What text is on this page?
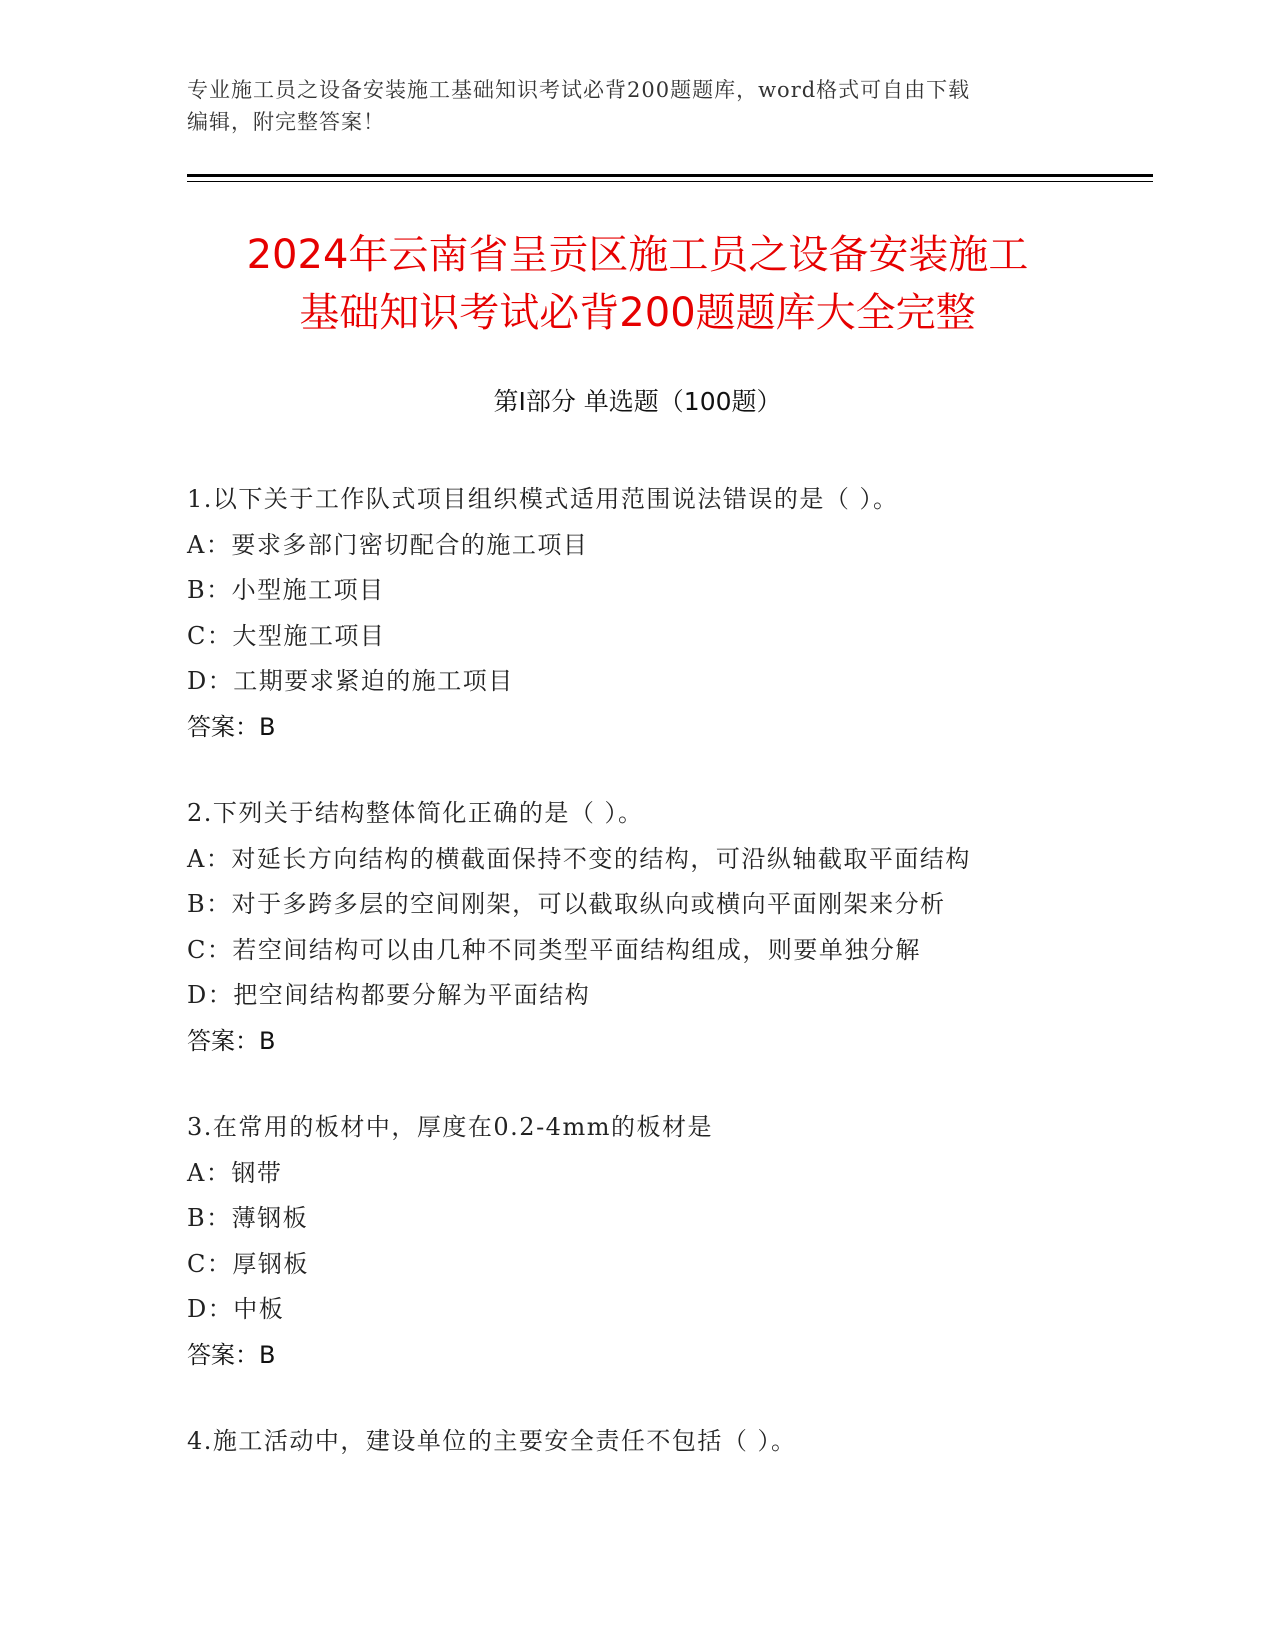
专业施工员之设备安装施工基础知识考试必背200题题库，word格式可自由下载
编辑，附完整答案！
2024年云南省呈贡区施工员之设备安装施工
基础知识考试必背200题题库大全完整
第Ⅰ部分 单选题（100题）
1.以下关于工作队式项目组织模式适用范围说法错误的是（ ）。
A：要求多部门密切配合的施工项目
B：小型施工项目
C：大型施工项目
D：工期要求紧迫的施工项目
答案：B
2.下列关于结构整体简化正确的是（ ）。
A：对延长方向结构的横截面保持不变的结构，可沿纵轴截取平面结构
B：对于多跨多层的空间刚架，可以截取纵向或横向平面刚架来分析
C：若空间结构可以由几种不同类型平面结构组成，则要单独分解
D：把空间结构都要分解为平面结构
答案：B
3.在常用的板材中，厚度在0.2-4mm的板材是
A：钢带
B：薄钢板
C：厚钢板
D：中板
答案：B
4.施工活动中，建设单位的主要安全责任不包括（ ）。
